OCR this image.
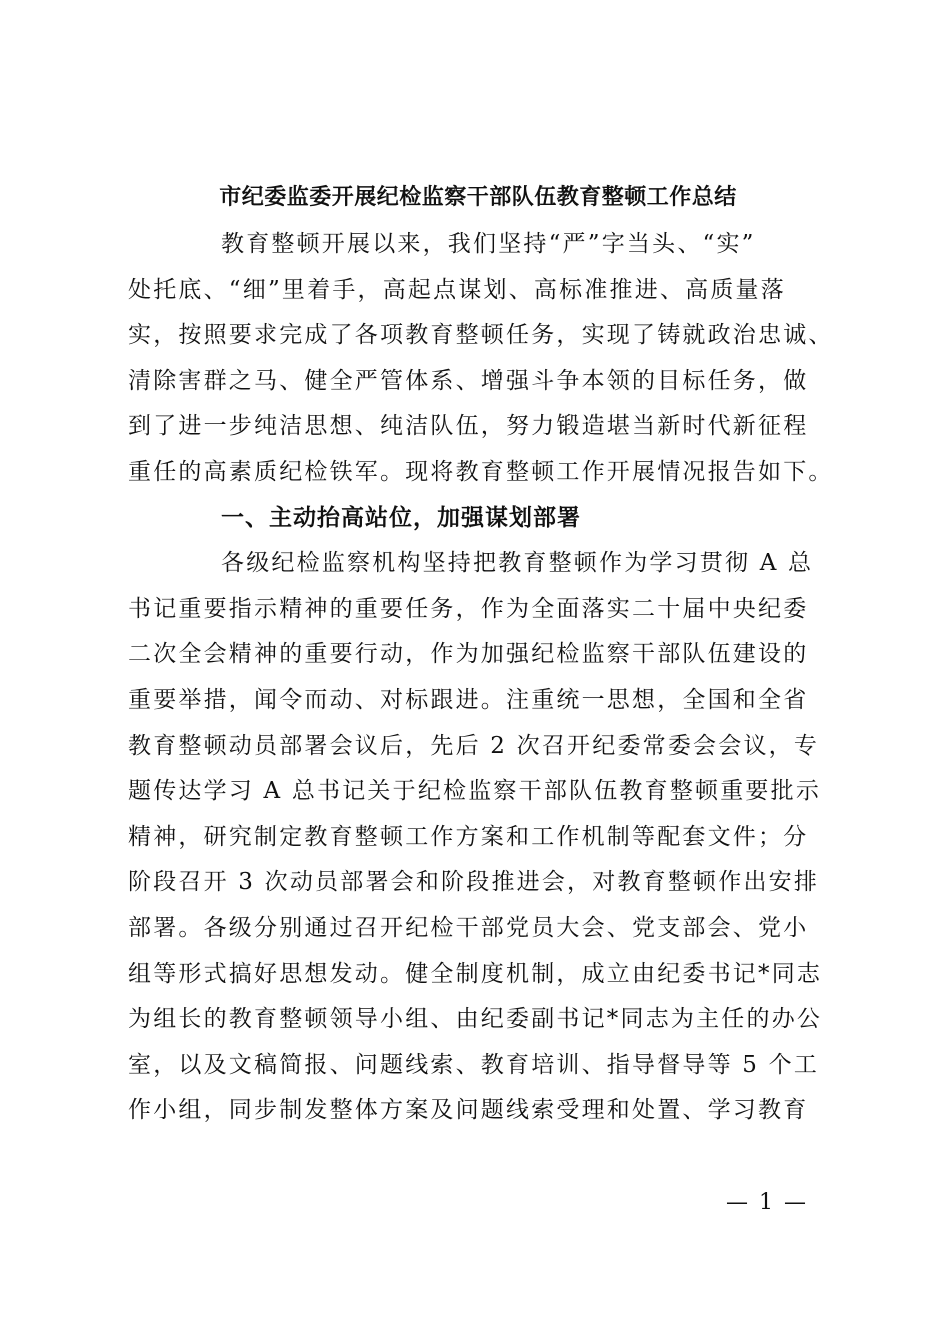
市纪委监委开展纪检监察干部队伍教育整顿工作总结
教育整顿开展以来，我们坚持“严”字当头、“实”
处托底、“细”里着手，高起点谋划、高标准推进、高质量落
实，按照要求完成了各项教育整顿任务，实现了铸就政治忠诚、
清除害群之马、健全严管体系、增强斗争本领的目标任务，做
到了进一步纯洁思想、纯洁队伍，努力锻造堪当新时代新征程
重任的高素质纪检铁军。现将教育整顿工作开展情况报告如下。
一、主动抬高站位，加强谋划部署
各级纪检监察机构坚持把教育整顿作为学习贯彻 A 总
书记重要指示精神的重要任务，作为全面落实二十届中央纪委
二次全会精神的重要行动，作为加强纪检监察干部队伍建设的
重要举措，闻令而动、对标跟进。注重统一思想，全国和全省
教育整顿动员部署会议后，先后 2 次召开纪委常委会会议，专
题传达学习 A 总书记关于纪检监察干部队伍教育整顿重要批示
精神，研究制定教育整顿工作方案和工作机制等配套文件；分
阶段召开 3 次动员部署会和阶段推进会，对教育整顿作出安排
部署。各级分别通过召开纪检干部党员大会、党支部会、党小
组等形式搞好思想发动。健全制度机制，成立由纪委书记*同志
为组长的教育整顿领导小组、由纪委副书记*同志为主任的办公
室，以及文稿简报、问题线索、教育培训、指导督导等 5 个工
作小组，同步制发整体方案及问题线索受理和处置、学习教育
— 1 —
